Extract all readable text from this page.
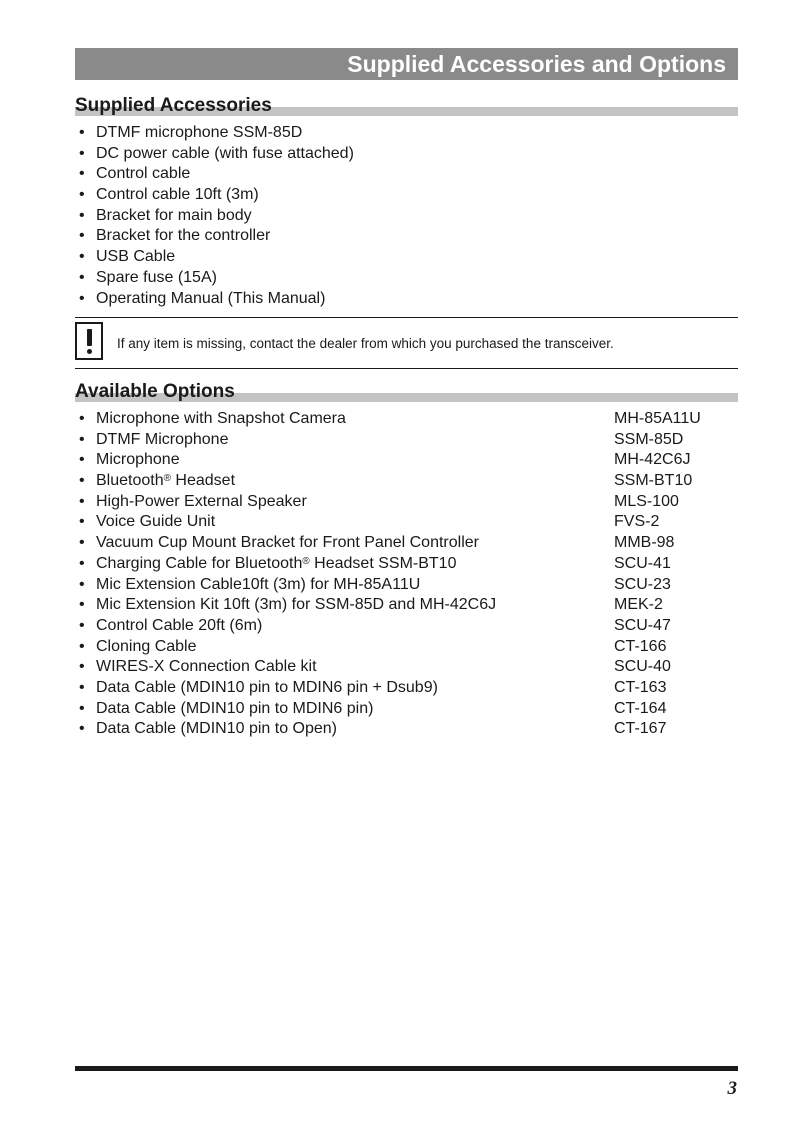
Supplied Accessories and Options
Supplied Accessories
• DTMF microphone SSM-85D
• DC power cable (with fuse attached)
• Control cable
• Control cable 10ft (3m)
• Bracket for main body
• Bracket for the controller
• USB Cable
• Spare fuse (15A)
• Operating Manual (This Manual)
If any item is missing, contact the dealer from which you purchased the transceiver.
Available Options
• Microphone with Snapshot Camera	MH-85A11U
• DTMF Microphone	SSM-85D
• Microphone	MH-42C6J
• Bluetooth® Headset	SSM-BT10
• High-Power External Speaker	MLS-100
• Voice Guide Unit	FVS-2
• Vacuum Cup Mount Bracket for Front Panel Controller	MMB-98
• Charging Cable for Bluetooth® Headset SSM-BT10	SCU-41
• Mic Extension Cable10ft (3m) for MH-85A11U	SCU-23
• Mic Extension Kit 10ft (3m) for SSM-85D and MH-42C6J	MEK-2
• Control Cable 20ft (6m)	SCU-47
• Cloning Cable	CT-166
• WIRES-X Connection Cable kit	SCU-40
• Data Cable (MDIN10 pin to MDIN6 pin + Dsub9)	CT-163
• Data Cable (MDIN10 pin to MDIN6 pin)	CT-164
• Data Cable (MDIN10 pin to Open)	CT-167
3
